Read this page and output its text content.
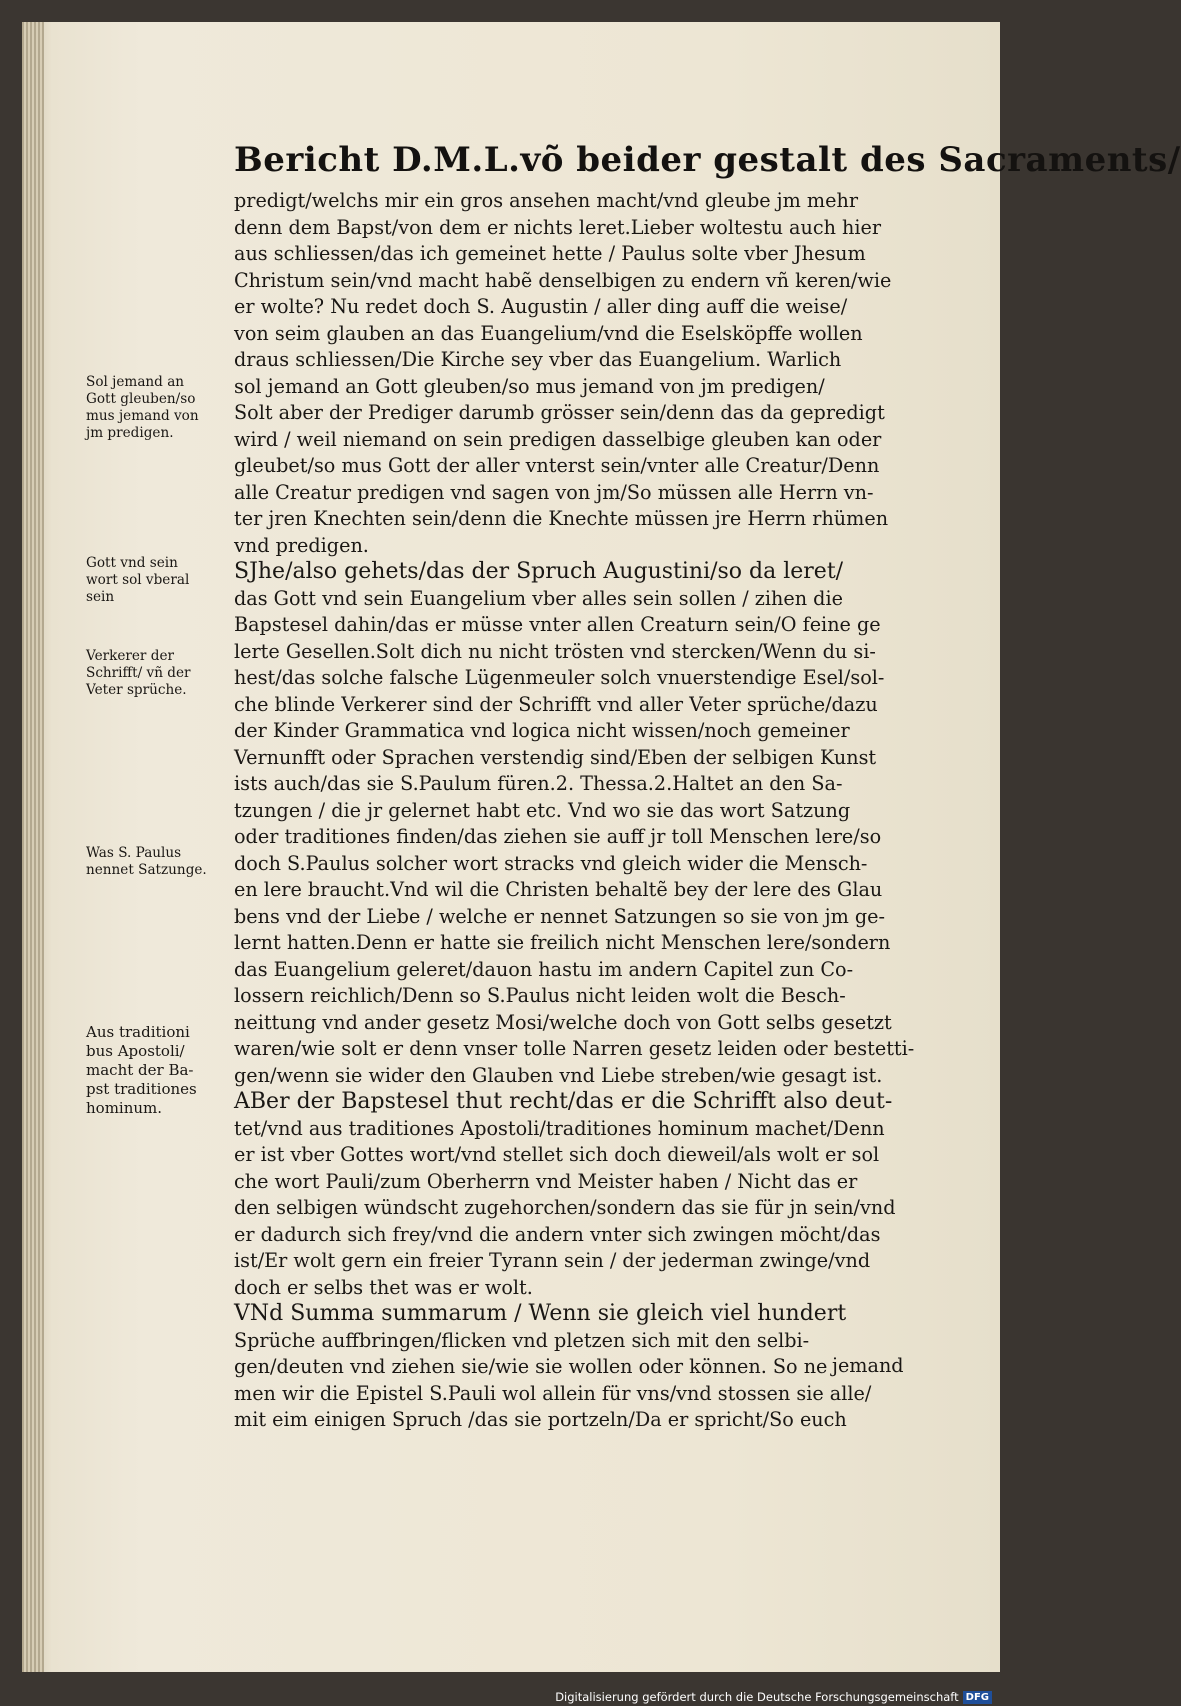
Bericht D.M.L.võ beider gestalt des Sacraments/
predigt/welchs mir ein gros ansehen macht/vnd gleube jm mehr
denn dem Bapst/von dem er nichts leret.Lieber woltestu auch hier
aus schliessen/das ich gemeinet hette / Paulus solte vber Jhesum
Christum sein/vnd macht habẽ denselbigen zu endern vñ keren/wie
er wolte? Nu redet doch S. Augustin / aller ding auff die weise/
von seim glauben an das Euangelium/vnd die Eselsköpffe wollen
draus schliessen/Die Kirche sey vber das Euangelium. Warlich
sol jemand an Gott gleuben/so mus jemand von jm predigen/
Solt aber der Prediger darumb grösser sein/denn das da gepredigt
wird / weil niemand on sein predigen dasselbige gleuben kan oder
gleubet/so mus Gott der aller vnterst sein/vnter alle Creatur/Denn
alle Creatur predigen vnd sagen von jm/So müssen alle Herrn vn-
ter jren Knechten sein/denn die Knechte müssen jre Herrn rhümen
vnd predigen.
SJhe/also gehets/das der Spruch Augustini/so da leret/
das Gott vnd sein Euangelium vber alles sein sollen / zihen die
Bapstesel dahin/das er müsse vnter allen Creaturn sein/O feine ge
lerte Gesellen.Solt dich nu nicht trösten vnd stercken/Wenn du si-
hest/das solche falsche Lügenmeuler solch vnuerstendige Esel/sol-
che blinde Verkerer sind der Schrifft vnd aller Veter sprüche/dazu
der Kinder Grammatica vnd logica nicht wissen/noch gemeiner
Vernunfft oder Sprachen verstendig sind/Eben der selbigen Kunst
ists auch/das sie S.Paulum füren.2. Thessa.2.Haltet an den Sa-
tzungen / die jr gelernet habt etc. Vnd wo sie das wort Satzung
oder traditiones finden/das ziehen sie auff jr toll Menschen lere/so
doch S.Paulus solcher wort stracks vnd gleich wider die Mensch-
en lere braucht.Vnd wil die Christen behaltẽ bey der lere des Glau
bens vnd der Liebe / welche er nennet Satzungen so sie von jm ge-
lernt hatten.Denn er hatte sie freilich nicht Menschen lere/sondern
das Euangelium geleret/dauon hastu im andern Capitel zun Co-
lossern reichlich/Denn so S.Paulus nicht leiden wolt die Besch-
neittung vnd ander gesetz Mosi/welche doch von Gott selbs gesetzt
waren/wie solt er denn vnser tolle Narren gesetz leiden oder bestetti-
gen/wenn sie wider den Glauben vnd Liebe streben/wie gesagt ist.
ABer der Bapstesel thut recht/das er die Schrifft also deut-
tet/vnd aus traditiones Apostoli/traditiones hominum machet/Denn
er ist vber Gottes wort/vnd stellet sich doch dieweil/als wolt er sol
che wort Pauli/zum Oberherrn vnd Meister haben / Nicht das er
den selbigen wündscht zugehorchen/sondern das sie für jn sein/vnd
er dadurch sich frey/vnd die andern vnter sich zwingen möcht/das
ist/Er wolt gern ein freier Tyrann sein / der jederman zwinge/vnd
doch er selbs thet was er wolt.
VNd Summa summarum / Wenn sie gleich viel hundert
Sprüche auffbringen/flicken vnd pletzen sich mit den selbi-
gen/deuten vnd ziehen sie/wie sie wollen oder können. So ne
men wir die Epistel S.Pauli wol allein für vns/vnd stossen sie alle/
mit eim einigen Spruch /das sie portzeln/Da er spricht/So euch
jemand
Sol jemand an
Gott gleuben/so
mus jemand von
jm predigen.
Gott vnd sein
wort sol vberal
sein
Verkerer der
Schrifft/ vñ der
Veter sprüche.
Was S. Paulus
nennet Satzunge.
Aus traditioni
bus Apostoli/
macht der Ba-
pst traditiones
hominum.
Digitalisierung gefördert durch die Deutsche Forschungsgemeinschaft DFG
